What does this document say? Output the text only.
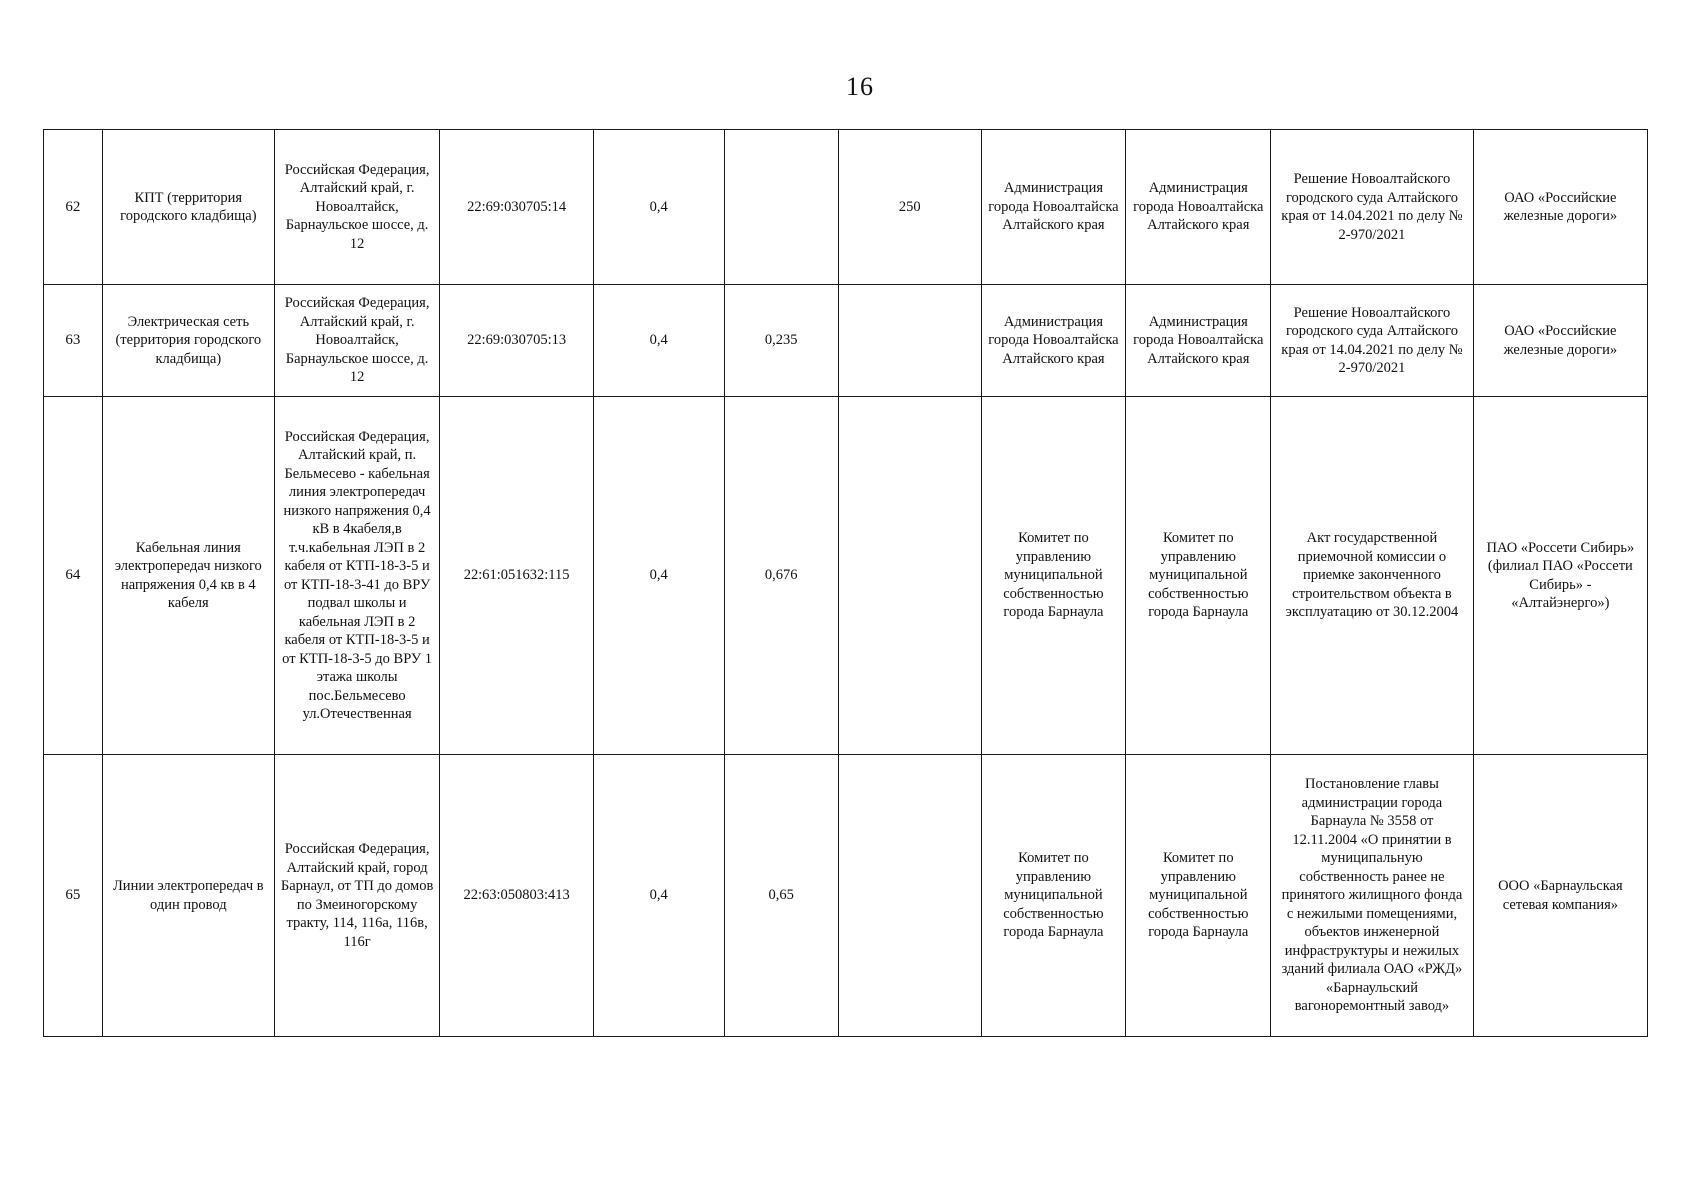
16
62	КПТ (территория городского кладбища)	Российская Федерация, Алтайский край, г. Новоалтайск, Барнаульское шоссе, д. 12	22:69:030705:14	0,4		250	Администрация города Новоалтайска Алтайского края	Администрация города Новоалтайска Алтайского края	Решение Новоалтайского городского суда Алтайского края от 14.04.2021 по делу № 2-970/2021	ОАО «Российские железные дороги»
63	Электрическая сеть (территория городского кладбища)	Российская Федерация, Алтайский край, г. Новоалтайск, Барнаульское шоссе, д. 12	22:69:030705:13	0,4	0,235		Администрация города Новоалтайска Алтайского края	Администрация города Новоалтайска Алтайского края	Решение Новоалтайского городского суда Алтайского края от 14.04.2021 по делу № 2-970/2021	ОАО «Российские железные дороги»
64	Кабельная линия электропередач низкого напряжения 0,4 кв в 4 кабеля	Российская Федерация, Алтайский край, п. Бельмесево - кабельная линия электропередач низкого напряжения 0,4 кВ в 4кабеля,в т.ч.кабельная ЛЭП в 2 кабеля от КТП-18-3-5 и от КТП-18-3-41 до ВРУ подвал школы и кабельная ЛЭП в 2 кабеля от КТП-18-3-5 и от КТП-18-3-5 до ВРУ 1 этажа школы пос.Бельмесево ул.Отечественная	22:61:051632:115	0,4	0,676		Комитет по управлению муниципальной собственностью города Барнаула	Комитет по управлению муниципальной собственностью города Барнаула	Акт государственной приемочной комиссии о приемке законченного строительством объекта в эксплуатацию от 30.12.2004	ПАО «Россети Сибирь» (филиал ПАО «Россети Сибирь» - «Алтайэнерго»)
65	Линии электропередач в один провод	Российская Федерация, Алтайский край, город Барнаул, от ТП до домов по Змеиногорскому тракту, 114, 116а, 116в, 116г	22:63:050803:413	0,4	0,65		Комитет по управлению муниципальной собственностью города Барнаула	Комитет по управлению муниципальной собственностью города Барнаула	Постановление главы администрации города Барнаула № 3558 от 12.11.2004 «О принятии в муниципальную собственность ранее не принятого жилищного фонда с нежилыми помещениями, объектов инженерной инфраструктуры и нежилых зданий филиала ОАО «РЖД» «Барнаульский вагоноремонтный завод»	ООО «Барнаульская сетевая компания»
